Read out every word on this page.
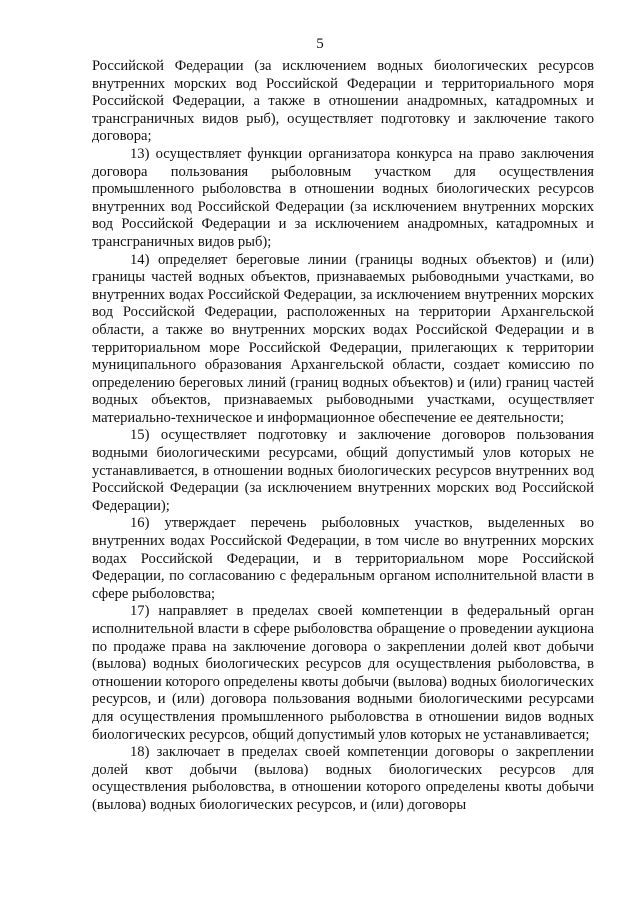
5

Российской Федерации (за исключением водных биологических ресурсов внутренних морских вод Российской Федерации и территориального моря Российской Федерации, а также в отношении анадромных, катадромных и трансграничных видов рыб), осуществляет подготовку и заключение такого договора;

13) осуществляет функции организатора конкурса на право заключения договора пользования рыболовным участком для осуществления промышленного рыболовства в отношении водных биологических ресурсов внутренних вод Российской Федерации (за исключением внутренних морских вод Российской Федерации и за исключением анадромных, катадромных и трансграничных видов рыб);

14) определяет береговые линии (границы водных объектов) и (или) границы частей водных объектов, признаваемых рыбоводными участками, во внутренних водах Российской Федерации, за исключением внутренних морских вод Российской Федерации, расположенных на территории Архангельской области, а также во внутренних морских водах Российской Федерации и в территориальном море Российской Федерации, прилегающих к территории муниципального образования Архангельской области, создает комиссию по определению береговых линий (границ водных объектов) и (или) границ частей водных объектов, признаваемых рыбоводными участками, осуществляет материально-техническое и информационное обеспечение ее деятельности;

15) осуществляет подготовку и заключение договоров пользования водными биологическими ресурсами, общий допустимый улов которых не устанавливается, в отношении водных биологических ресурсов внутренних вод Российской Федерации (за исключением внутренних морских вод Российской Федерации);

16) утверждает перечень рыболовных участков, выделенных во внутренних водах Российской Федерации, в том числе во внутренних морских водах Российской Федерации, и в территориальном море Российской Федерации, по согласованию с федеральным органом исполнительной власти в сфере рыболовства;

17) направляет в пределах своей компетенции в федеральный орган исполнительной власти в сфере рыболовства обращение о проведении аукциона по продаже права на заключение договора о закреплении долей квот добычи (вылова) водных биологических ресурсов для осуществления рыболовства, в отношении которого определены квоты добычи (вылова) водных биологических ресурсов, и (или) договора пользования водными биологическими ресурсами для осуществления промышленного рыболовства в отношении видов водных биологических ресурсов, общий допустимый улов которых не устанавливается;

18) заключает в пределах своей компетенции договоры о закреплении долей квот добычи (вылова) водных биологических ресурсов для осуществления рыболовства, в отношении которого определены квоты добычи (вылова) водных биологических ресурсов, и (или) договоры
